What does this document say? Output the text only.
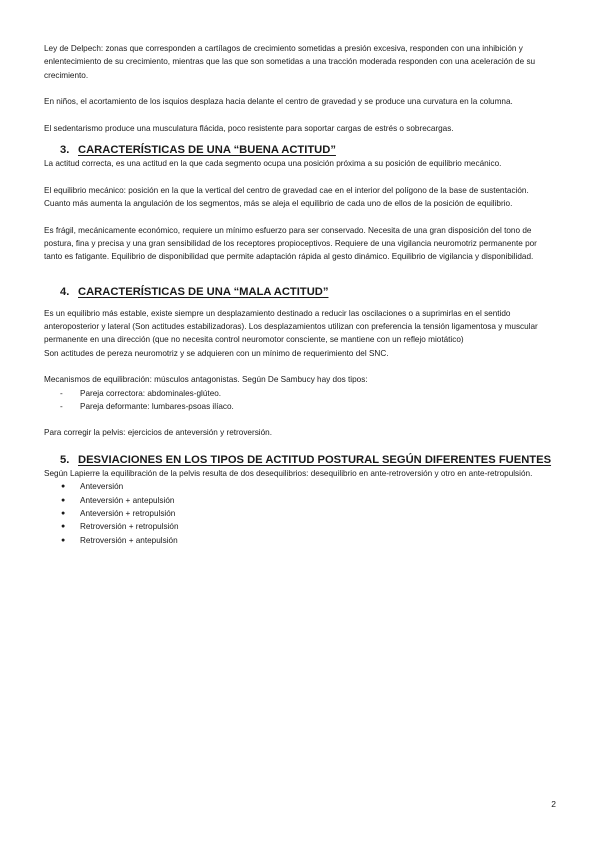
Ley de Delpech: zonas que corresponden a cartílagos de crecimiento sometidas a presión excesiva, responden con una inhibición y enlentecimiento de su crecimiento, mientras que las que son sometidas a una tracción moderada responden con una aceleración de su crecimiento.

En niños, el acortamiento de los isquios desplaza hacia delante el centro de gravedad y se produce una curvatura en la columna.

El sedentarismo produce una musculatura flácida, poco resistente para soportar cargas de estrés o sobrecargas.

3. CARACTERÍSTICAS DE UNA “BUENA ACTITUD”

La actitud correcta, es una actitud en la que cada segmento ocupa una posición próxima a su posición de equilibrio mecánico.

El equilibrio mecánico: posición en la que la vertical del centro de gravedad cae en el interior del polígono de la base de sustentación. Cuanto más aumenta la angulación de los segmentos, más se aleja el equilibrio de cada uno de ellos de la posición de equilibrio.

Es frágil, mecánicamente económico, requiere un mínimo esfuerzo para ser conservado. Necesita de una gran disposición del tono de postura, fina y precisa y una gran sensibilidad de los receptores propioceptivos. Requiere de una vigilancia neuromotriz permanente por tanto es fatigante. Equilibrio de disponibilidad que permite adaptación rápida al gesto dinámico. Equilibrio de vigilancia y disponibilidad.

4. CARACTERÍSTICAS DE UNA “MALA ACTITUD”

Es un equilibrio más estable, existe siempre un desplazamiento destinado a reducir las oscilaciones o a suprimirlas en el sentido anteroposterior y lateral (Son actitudes estabilizadoras). Los desplazamientos utilizan con preferencia la tensión ligamentosa y muscular permanente en una dirección (que no necesita control neuromotor consciente, se mantiene con un reflejo miotático)

Son actitudes de pereza neuromotriz y se adquieren con un mínimo de requerimiento del SNC.

Mecanismos de equilibración: músculos antagonistas. Según De Sambucy hay dos tipos:

-	Pareja correctora: abdominales-glúteo.
-	Pareja deformante: lumbares-psoas ilíaco.

Para corregir la pelvis: ejercicios de anteversión y retroversión.

5. DESVIACIONES EN LOS TIPOS DE ACTITUD POSTURAL SEGÚN DIFERENTES FUENTES

Según Lapierre la equilibración de la pelvis resulta de dos desequilibrios: desequilibrio en ante-retroversión y otro en ante-retropulsión.

●	Anteversión
●	Anteversión + antepulsión
●	Anteversión + retropulsión
●	Retroversión + retropulsión
●	Retroversión + antepulsión
2
